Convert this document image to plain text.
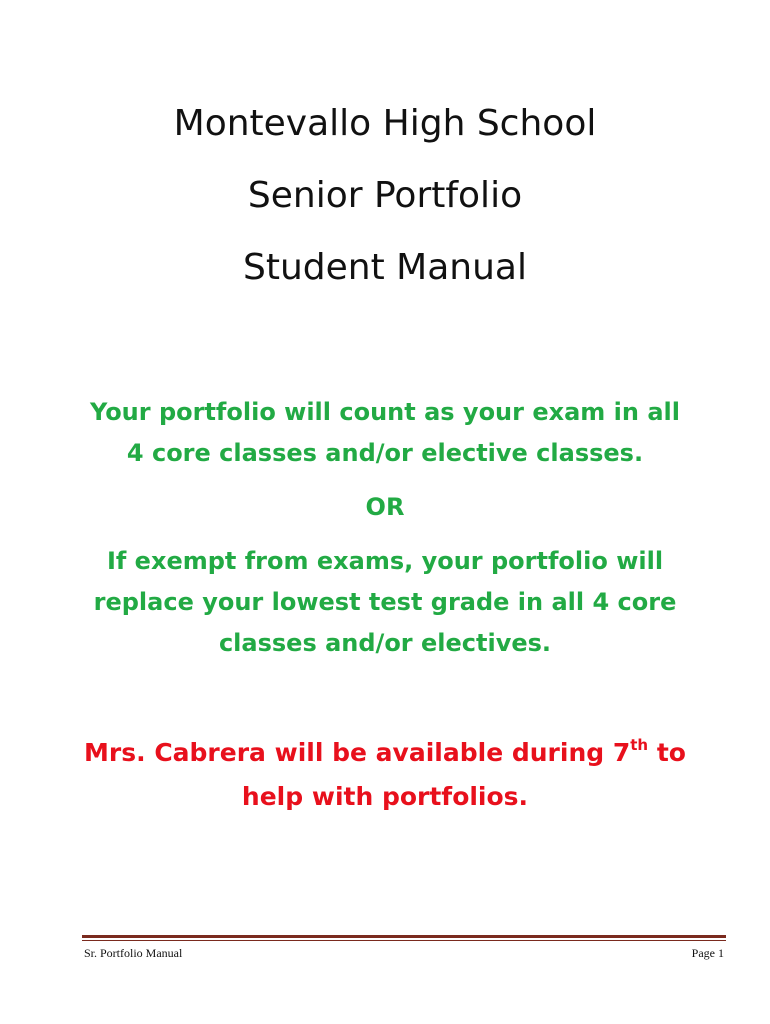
Montevallo High School
Senior Portfolio
Student Manual
Your portfolio will count as your exam in all
4 core classes and/or elective classes.
OR
If exempt from exams, your portfolio will
replace your lowest test grade in all 4 core
classes and/or electives.
Mrs. Cabrera will be available during 7th to
help with portfolios.
Sr. Portfolio Manual	Page 1
